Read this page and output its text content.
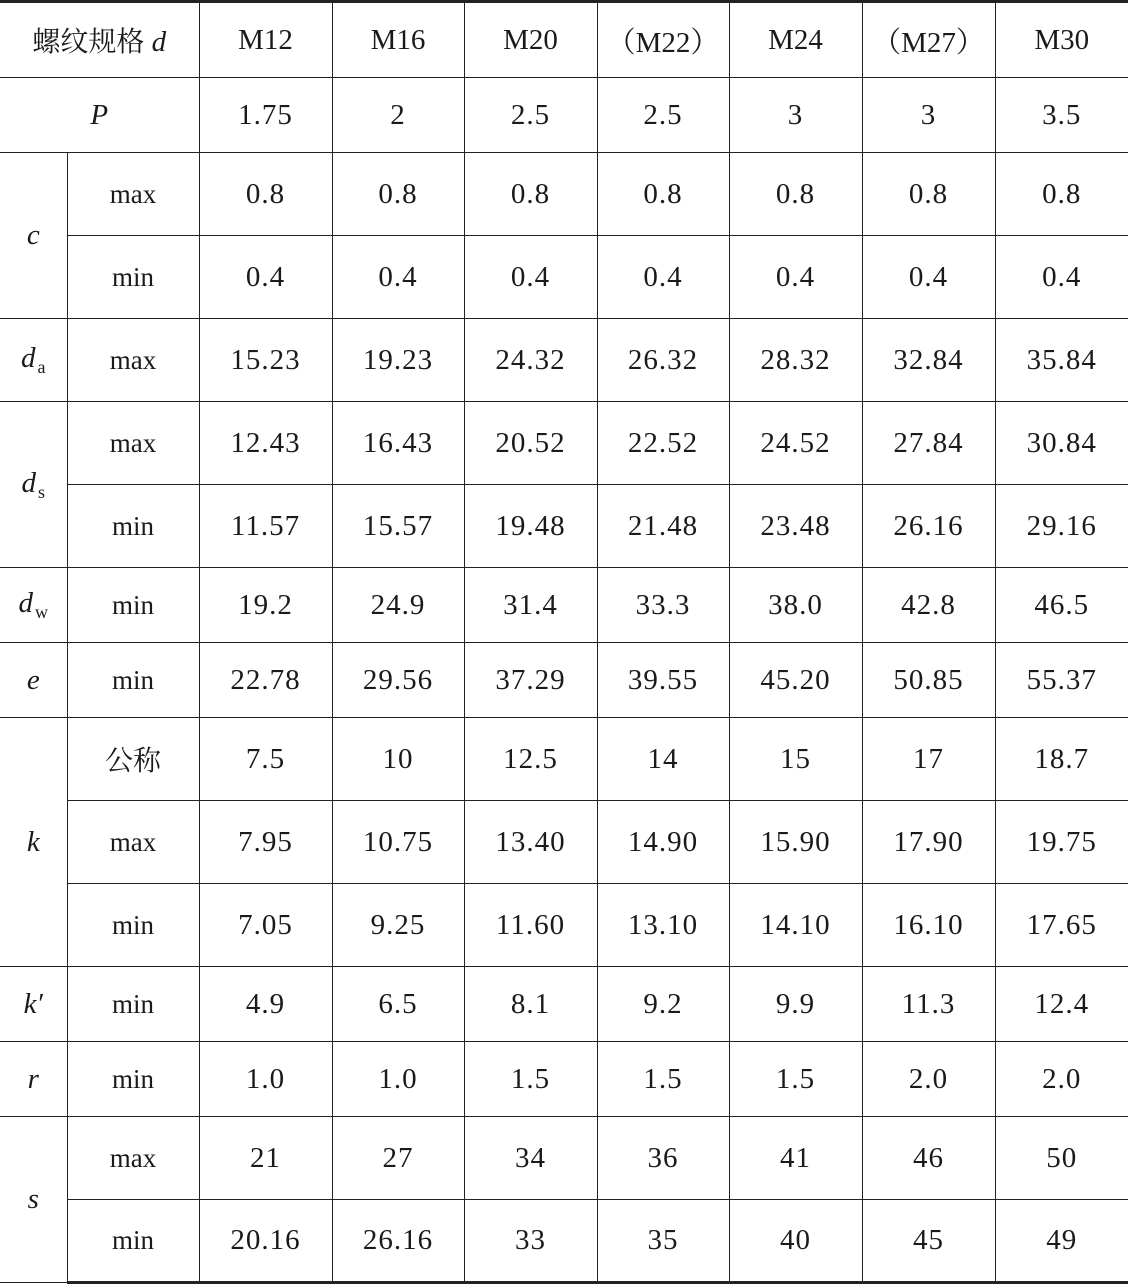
螺纹规格 d		M12	M16	M20	（M22）	M24	（M27）	M30
P		1.75	2	2.5	2.5	3	3	3.5
c	max	0.8	0.8	0.8	0.8	0.8	0.8	0.8
	min	0.4	0.4	0.4	0.4	0.4	0.4	0.4
d $_a$	max	15.23	19.23	24.32	26.32	28.32	32.84	35.84
d $_s$	max	12.43	16.43	20.52	22.52	24.52	27.84	30.84
	min	11.57	15.57	19.48	21.48	23.48	26.16	29.16
d $_w$	min	19.2	24.9	31.4	33.3	38.0	42.8	46.5
e	min	22.78	29.56	37.29	39.55	45.20	50.85	55.37
k	公称	7.5	10	12.5	14	15	17	18.7
	max	7.95	10.75	13.40	14.90	15.90	17.90	19.75
	min	7.05	9.25	11.60	13.10	14.10	16.10	17.65
k′	min	4.9	6.5	8.1	9.2	9.9	11.3	12.4
r	min	1.0	1.0	1.5	1.5	1.5	2.0	2.0
s	max	21	27	34	36	41	46	50
	min	20.16	26.16	33	35	40	45	49
